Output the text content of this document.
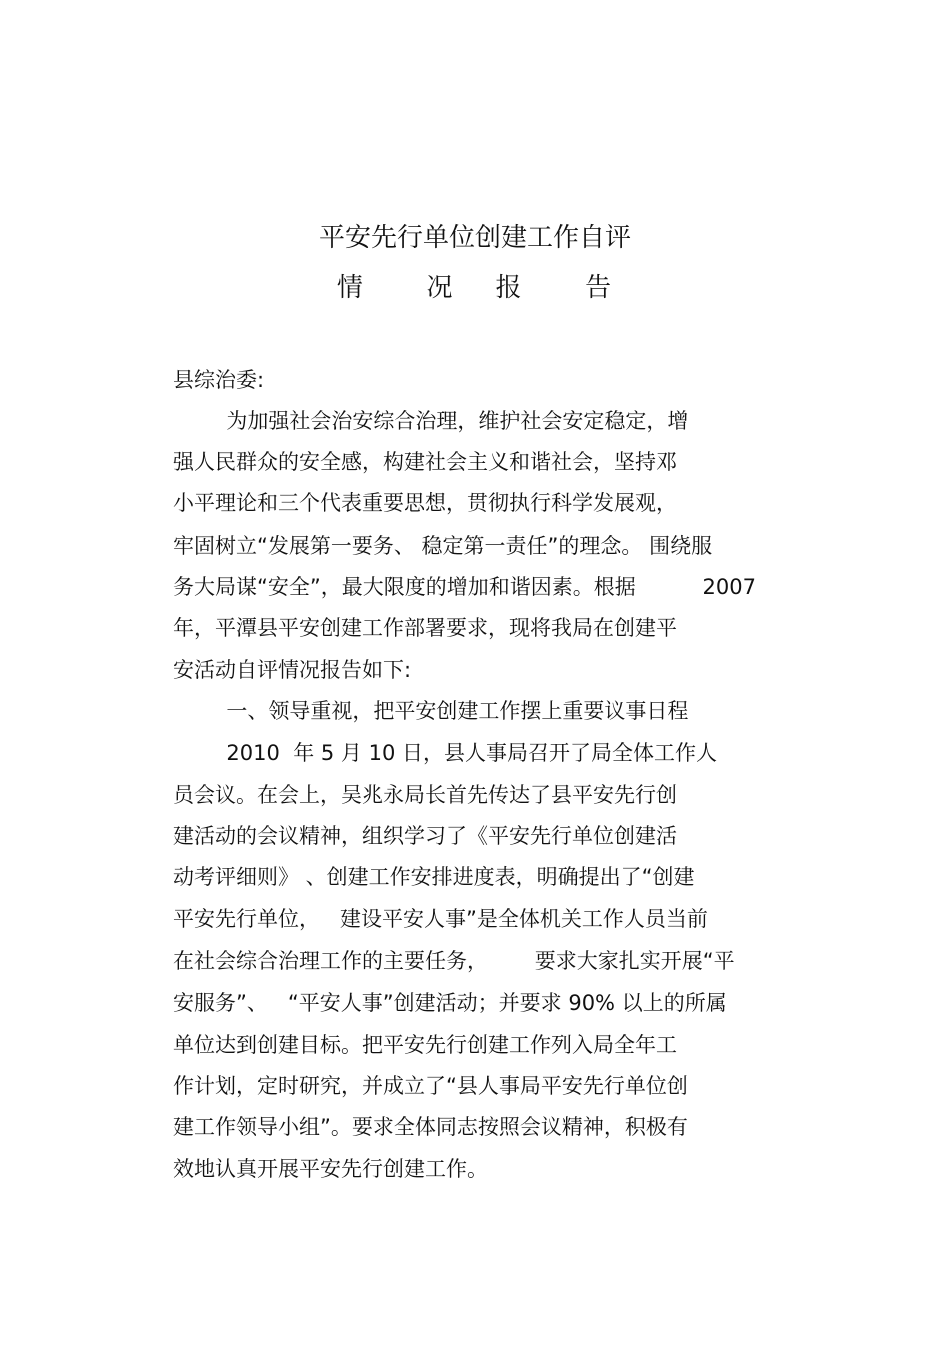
平安先行单位创建工作自评
情      况    报      告

县综治委:

为加强社会治安综合治理，维护社会安定稳定，增

强人民群众的安全感，构建社会主义和谐社会，坚持邓

小平理论和三个代表重要思想，贯彻执行科学发展观，

牢固树立“发展第一要务、 稳定第一责任”的理念。 围绕服

务大局谋“安全”，最大限度的增加和谐因素。根据          2007

年，平潭县平安创建工作部署要求，现将我局在创建平

安活动自评情况报告如下:

一、领导重视，把平安创建工作摆上重要议事日程

2010  年 5 月 10 日，县人事局召开了局全体工作人

员会议。在会上，吴兆永局长首先传达了县平安先行创

建活动的会议精神，组织学习了《平安先行单位创建活

动考评细则》 、创建工作安排进度表，明确提出了“创建

平安先行单位，   建设平安人事”是全体机关工作人员当前

在社会综合治理工作的主要任务，       要求大家扎实开展“平

安服务”、   “平安人事”创建活动；并要求 90% 以上的所属

单位达到创建目标。把平安先行创建工作列入局全年工

作计划，定时研究，并成立了“县人事局平安先行单位创

建工作领导小组”。要求全体同志按照会议精神，积极有

效地认真开展平安先行创建工作。
